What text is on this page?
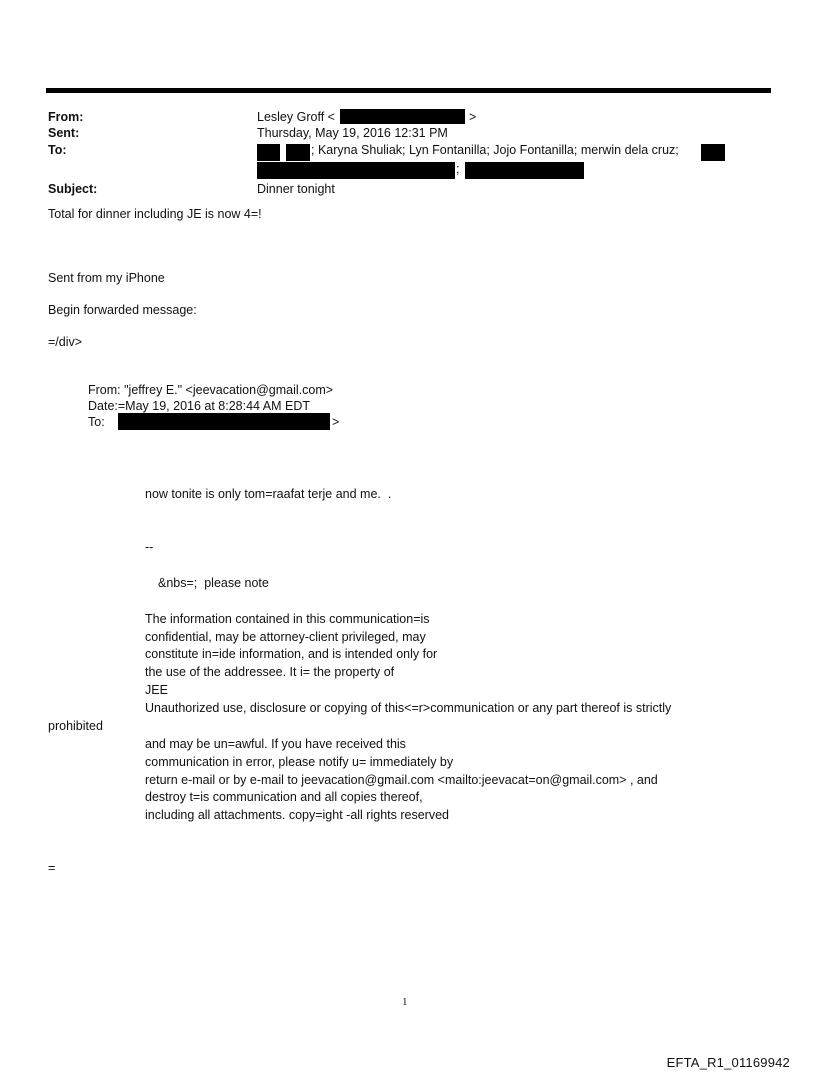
From:	Lesley Groff <	>
Sent:	Thursday, May 19, 2016 12:31 PM
To:	; Karyna Shuliak; Lyn Fontanilla; Jojo Fontanilla; merwin dela cruz;
;
Subject:	Dinner tonight
Total for dinner including JE is now 4=!
Sent from my iPhone
Begin forwarded message:
=/div>
From: "jeffrey E." <jeevacation@gmail.com>
Date:=May 19, 2016 at 8:28:44 AM EDT
To:	>
now tonite is only tom=raafat terje and me.  .
--
&nbs=;  please note
The information contained in this communication=is
confidential, may be attorney-client privileged, may
constitute in=ide information, and is intended only for
the use of the addressee. It i= the property of
JEE
Unauthorized use, disclosure or copying of this<=r>communication or any part thereof is strictly
prohibited
and may be un=awful. If you have received this
communication in error, please notify u= immediately by
return e-mail or by e-mail to jeevacation@gmail.com <mailto:jeevacat=on@gmail.com> , and
destroy t=is communication and all copies thereof,
including all attachments. copy=ight -all rights reserved
=
1
EFTA_R1_01169942
